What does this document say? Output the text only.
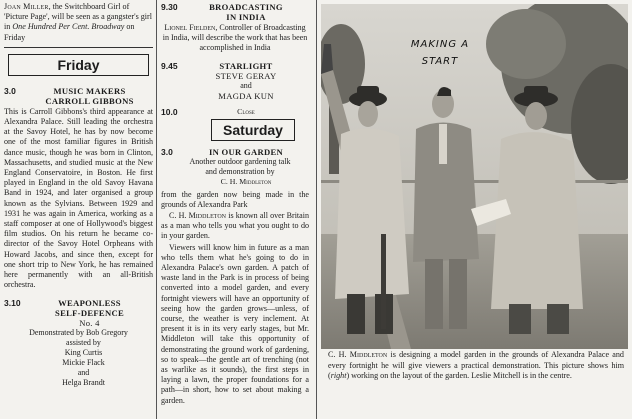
Joan Miller, the Switchboard Girl of 'Picture Page', will be seen as a gangster's girl in One Hundred Per Cent. Broadway on Friday
Friday
3.0	MUSIC MAKERS
CARROLL GIBBONS
This is Carroll Gibbons's third appearance at Alexandra Palace. Still leading the orchestra at the Savoy Hotel, he has by now become one of the most familiar figures in British dance music, though he was born in Clinton, Massachusetts, and studied music at the New England Conservatoire, in Boston. He first played in England in the old Savoy Havana Band in 1924, and later organised a group known as the Sylvians. Between 1929 and 1931 he was again in America, working as a staff composer at one of Hollywood's biggest film studios. On his return he became co-director of the Savoy Hotel Orpheans with Howard Jacobs, and since then, except for one short trip to New York, he has remained here permanently with an all-British orchestra.
3.10	WEAPONLESS
SELF-DEFENCE
No. 4
Demonstrated by Bob Gregory
assisted by
King Curtis
Mickie Flack
and
Helga Brandt
9.30	BROADCASTING
IN INDIA
Lionel Fielden, Controller of Broadcasting in India, will describe the work that has been accomplished in India
9.45	STARLIGHT
STEVE GERAY
and
MAGDA KUN
10.0	Close
Saturday
3.0	IN OUR GARDEN
Another outdoor gardening talk
and demonstration by
C. H. Middleton
from the garden now being made in the grounds of Alexandra Park
C. H. Middleton is known all over Britain as a man who tells you what you ought to do in your garden.
Viewers will know him in future as a man who tells them what he's going to do in Alexandra Palace's own garden. A patch of waste land in the Park is in process of being converted into a model garden, and every fortnight viewers will have an opportunity of seeing how the garden grows—unless, of course, the weather is very inclement. At present it is in its very early stages, but Mr. Middleton will take this opportunity of demonstrating the ground work of gardening, so to speak—the gentle art of trenching (not as warlike as it sounds), the first steps in laying a lawn, the proper foundations for a path—in short, how to set about making a garden.
MAKING A
START
C. H. Middleton is designing a model garden in the grounds of Alexandra Palace and every fortnight he will give viewers a practical demonstration. This picture shows him (right) working on the layout of the garden. Leslie Mitchell is in the centre.
